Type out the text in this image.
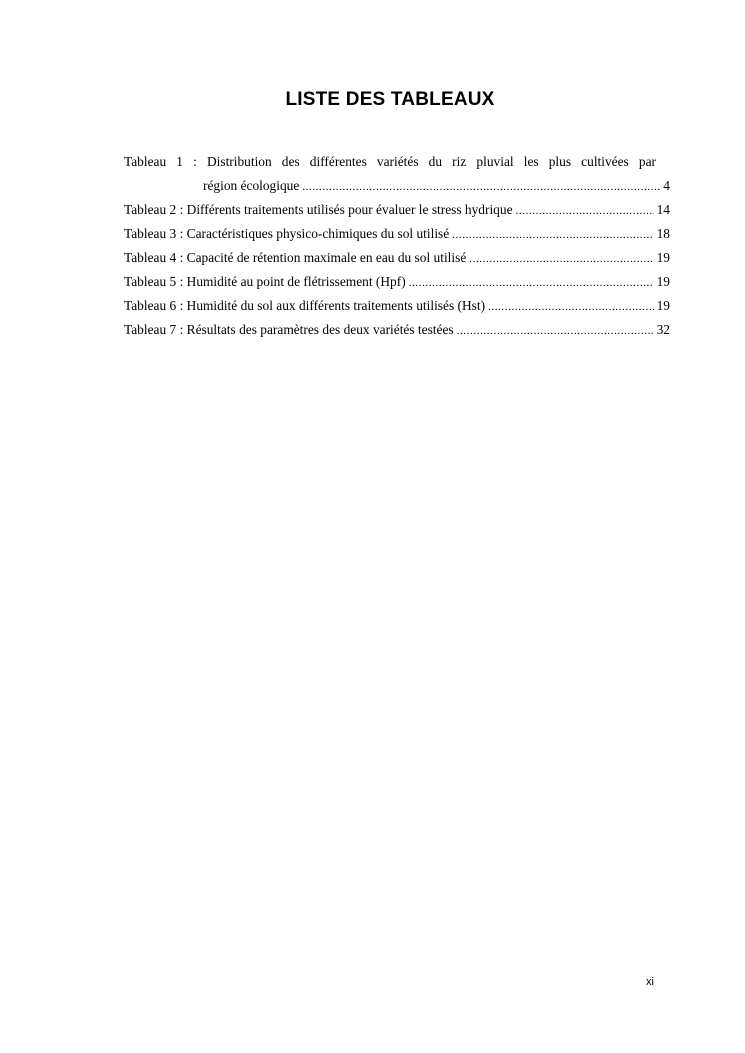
LISTE DES TABLEAUX
Tableau 1 : Distribution des différentes variétés du riz pluvial les plus cultivées par
région écologique .....	4
Tableau 2 : Différents traitements utilisés pour évaluer le stress hydrique .....	14
Tableau 3 : Caractéristiques physico-chimiques du sol utilisé .....	18
Tableau 4 : Capacité de rétention maximale en eau du sol utilisé .....	19
Tableau 5 : Humidité au point de flétrissement (Hpf) .....	19
Tableau 6 : Humidité du sol aux différents traitements utilisés (Hst) .....	19
Tableau 7 : Résultats des paramètres des deux variétés testées .....	32
xi
